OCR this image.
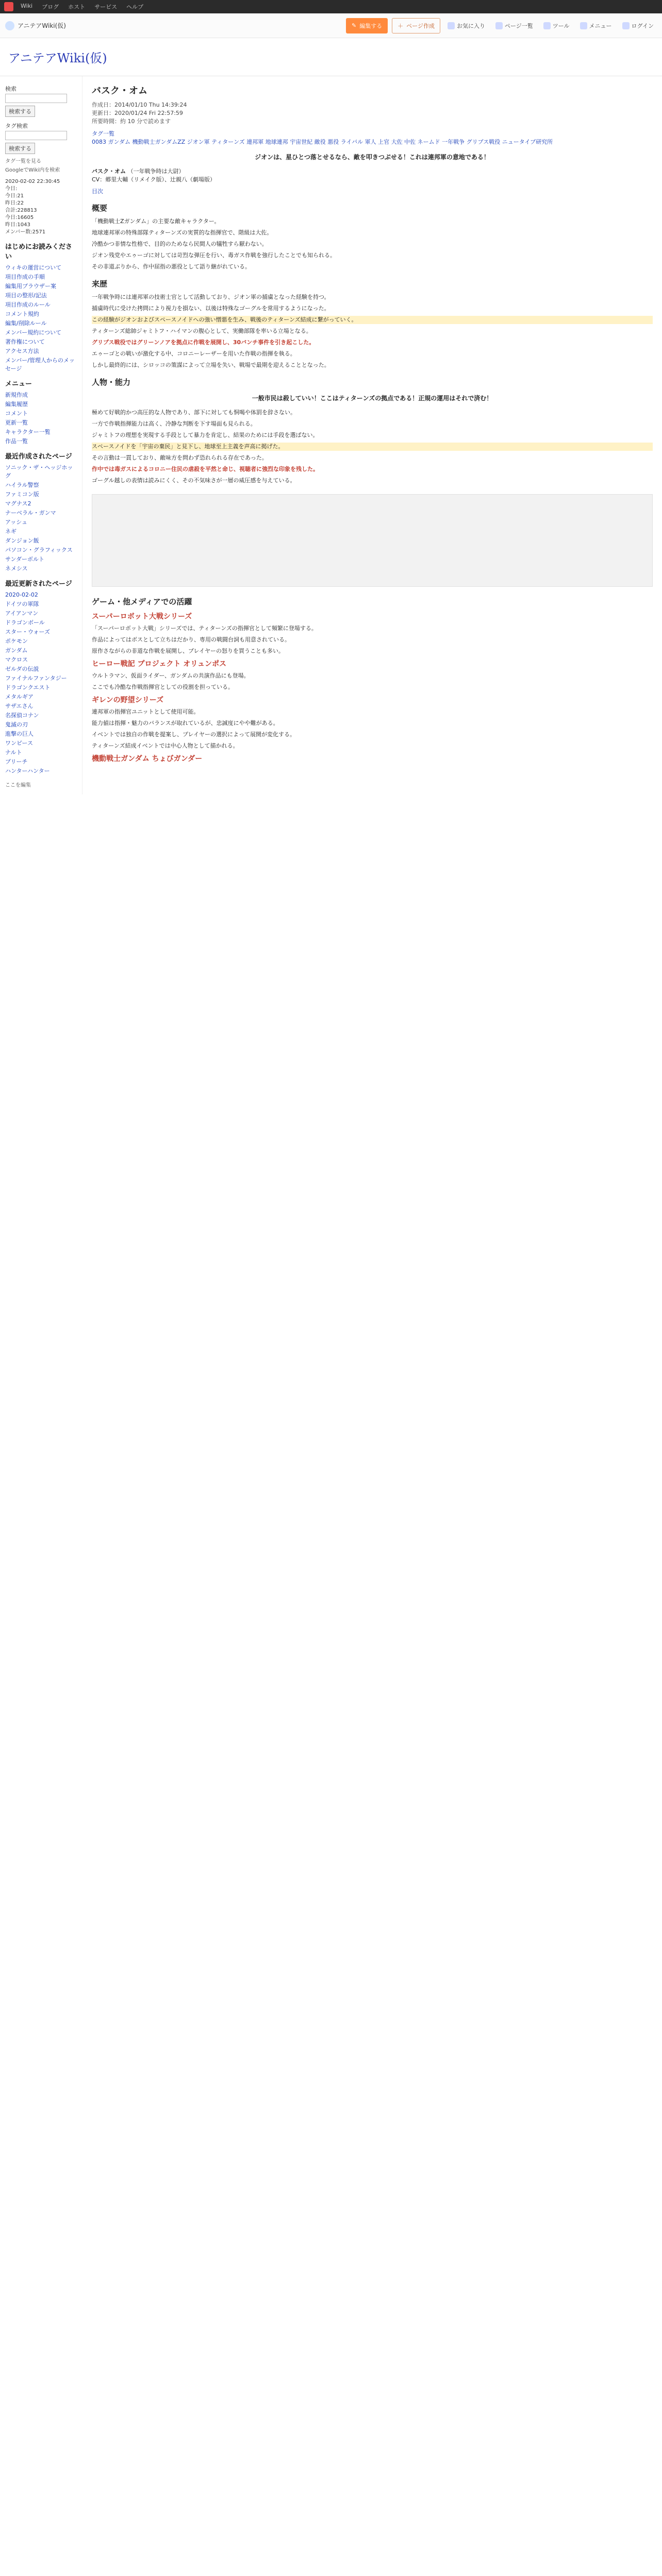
Wiki	ブログ	ホスト	サービス	ヘルプ
アニテアWiki(仮)	✎ 編集する	＋ ページ作成	お気に入り	ページ一覧	ツール	メニュー	ログイン
アニテアWiki(仮)
検索
検索する
タグ検索
検索する
タグ一覧を見る
GoogleでWiki内を検索
2020-02-02 22:30:45
今日:
今日:21
昨日:22
合計:228813
今日:16605
昨日:1043
メンバー数:2571
はじめにお読みください
ウィキの運営について
項目作成の手順
編集用ブラウザー案
項目の整形/記法
項目作成のルール
コメント規約
編集/削除ルール
メンバー規約について
著作権について
アクセス方法
メンバー/管理人からのメッセージ
メニュー
新規作成
編集履歴
コメント
更新一覧
キャラクター一覧
作品一覧
最近作成されたページ
ソニック・ザ・ヘッジホッグ
ハイラル警察
ファミコン版
マグナス2
ナーベラル・ガンマ
アッシュ
ネギ
ダンジョン飯
パソコン・グラフィックス
サンダーボルト
ネメシス
最近更新されたページ
2020-02-02
ドイツの軍隊
アイアンマン
ドラゴンボール
スター・ウォーズ
ポケモン
ガンダム
マクロス
ゼルダの伝説
ファイナルファンタジー
ドラゴンクエスト
メタルギア
サザエさん
名探偵コナン
鬼滅の刃
進撃の巨人
ワンピース
ナルト
ブリーチ
ハンターハンター
ここを編集
バスク・オム
作成日：2014/01/10 Thu 14:39:24
更新日：2020/01/24 Fri 22:57:59
所要時間：約 10 分で読めます
タグ一覧
0083 ガンダム 機動戦士ガンダムZZ ジオン軍 ティターンズ 連邦軍 地球連邦 宇宙世紀 敵役 悪役 ライバル 軍人 上官 大佐 中佐 ネームド 一年戦争 グリプス戦役 ニュータイプ研究所
ジオンは、星ひとつ落とせるなら、敵を叩きつぶせる！これは連邦軍の意地である！
バスク・オム （一年戦争時は大尉）
CV：郷里大輔（リメイク版）、辻親八（劇場版）
目次
概要

「機動戦士Zガンダム」の主要な敵キャラクター。

地球連邦軍の特殊部隊ティターンズの実質的な指揮官で、階級は大佐。

冷酷かつ非情な性格で、目的のためなら民間人の犠牲すら厭わない。

ジオン残党やエゥーゴに対しては苛烈な弾圧を行い、毒ガス作戦を強行したことでも知られる。

その非道ぶりから、作中屈指の悪役として語り継がれている。

来歴

一年戦争時には連邦軍の技術士官として活動しており、ジオン軍の捕虜となった経験を持つ。

捕虜時代に受けた拷問により視力を損ない、以後は特殊なゴーグルを常用するようになった。

この経験がジオンおよびスペースノイドへの強い憎悪を生み、戦後のティターンズ結成に繋がっていく。

ティターンズ総帥ジャミトフ・ハイマンの腹心として、実働部隊を率いる立場となる。

グリプス戦役ではグリーンノアを拠点に作戦を展開し、30バンチ事件を引き起こした。

エゥーゴとの戦いが激化する中、コロニーレーザーを用いた作戦の指揮を執る。

しかし最終的には、シロッコの策謀によって立場を失い、戦場で最期を迎えることとなった。

人物・能力
一般市民は殺していい！ここはティターンズの拠点である！正規の運用はそれで済む！

極めて好戦的かつ高圧的な人物であり、部下に対しても恫喝や体罰を辞さない。

一方で作戦指揮能力は高く、冷静な判断を下す場面も見られる。

ジャミトフの理想を実現する手段として暴力を肯定し、結果のためには手段を選ばない。

スペースノイドを「宇宙の棄民」と見下し、地球至上主義を声高に掲げた。

その言動は一貫しており、敵味方を問わず恐れられる存在であった。

作中では毒ガスによるコロニー住民の虐殺を平然と命じ、視聴者に強烈な印象を残した。

ゴーグル越しの表情は読みにくく、その不気味さが一層の威圧感を与えている。

ゲーム・他メディアでの活躍
スーパーロボット大戦シリーズ

「スーパーロボット大戦」シリーズでは、ティターンズの指揮官として頻繁に登場する。

作品によってはボスとして立ちはだかり、専用の戦闘台詞も用意されている。

原作さながらの非道な作戦を展開し、プレイヤーの怒りを買うことも多い。

ヒーロー戦記 プロジェクト オリュンポス

ウルトラマン、仮面ライダー、ガンダムの共演作品にも登場。

ここでも冷酷な作戦指揮官としての役割を担っている。

ギレンの野望シリーズ

連邦軍の指揮官ユニットとして使用可能。

能力値は指揮・魅力のバランスが取れているが、忠誠度にやや難がある。

イベントでは独自の作戦を提案し、プレイヤーの選択によって展開が変化する。

ティターンズ結成イベントでは中心人物として描かれる。

機動戦士ガンダム ちょびガンダー
